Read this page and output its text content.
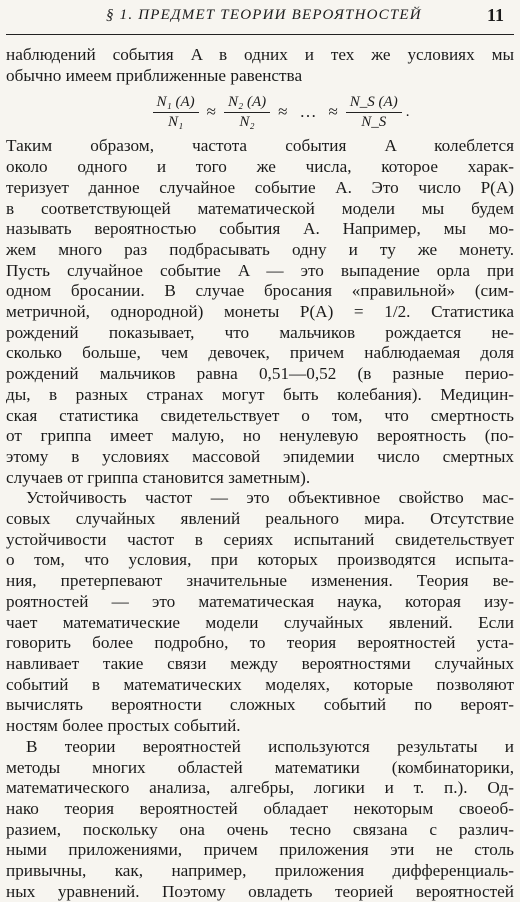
§ 1. ПРЕДМЕТ ТЕОРИИ ВЕРОЯТНОСТЕЙ	11

наблюдений события A в одних и тех же условиях мы

обычно имеем приближенные равенства

$\frac{\text{N₁ (A)}}{\text{N₁}} \approx \frac{\text{N₂ (A)}}{\text{N₂}}$ ≈ … ≈ $\frac{N\_S (A)}{N\_S}$ .

Таким образом, частота события A колеблется

около одного и того же числа, которое харак-

теризует данное случайное событие A. Это число P(A)

в соответствующей математической модели мы будем

называть вероятностью события A. Например, мы мо-

жем много раз подбрасывать одну и ту же монету.

Пусть случайное событие A — это выпадение орла при

одном бросании. В случае бросания «правильной» (сим-

метричной, однородной) монеты P(A) = 1/2. Статистика

рождений показывает, что мальчиков рождается не-

сколько больше, чем девочек, причем наблюдаемая доля

рождений мальчиков равна 0,51—0,52 (в разные перио-

ды, в разных странах могут быть колебания). Медицин-

ская статистика свидетельствует о том, что смертность

от гриппа имеет малую, но ненулевую вероятность (по-

этому в условиях массовой эпидемии число смертных

случаев от гриппа становится заметным).

Устойчивость частот — это объективное свойство мас-

совых случайных явлений реального мира. Отсутствие

устойчивости частот в сериях испытаний свидетельствует

о том, что условия, при которых производятся испыта-

ния, претерпевают значительные изменения. Теория ве-

роятностей — это математическая наука, которая изу-

чает математические модели случайных явлений. Если

говорить более подробно, то теория вероятностей уста-

навливает такие связи между вероятностями случайных

событий в математических моделях, которые позволяют

вычислять вероятности сложных событий по вероят-

ностям более простых событий.

В теории вероятностей используются результаты и

методы многих областей математики (комбинаторики,

математического анализа, алгебры, логики и т. п.). Од-

нако теория вероятностей обладает некоторым своеоб-

разием, поскольку она очень тесно связана с различ-

ными приложениями, причем приложения эти не столь

привычны, как, например, приложения дифференциаль-

ных уравнений. Поэтому овладеть теорией вероятностей
